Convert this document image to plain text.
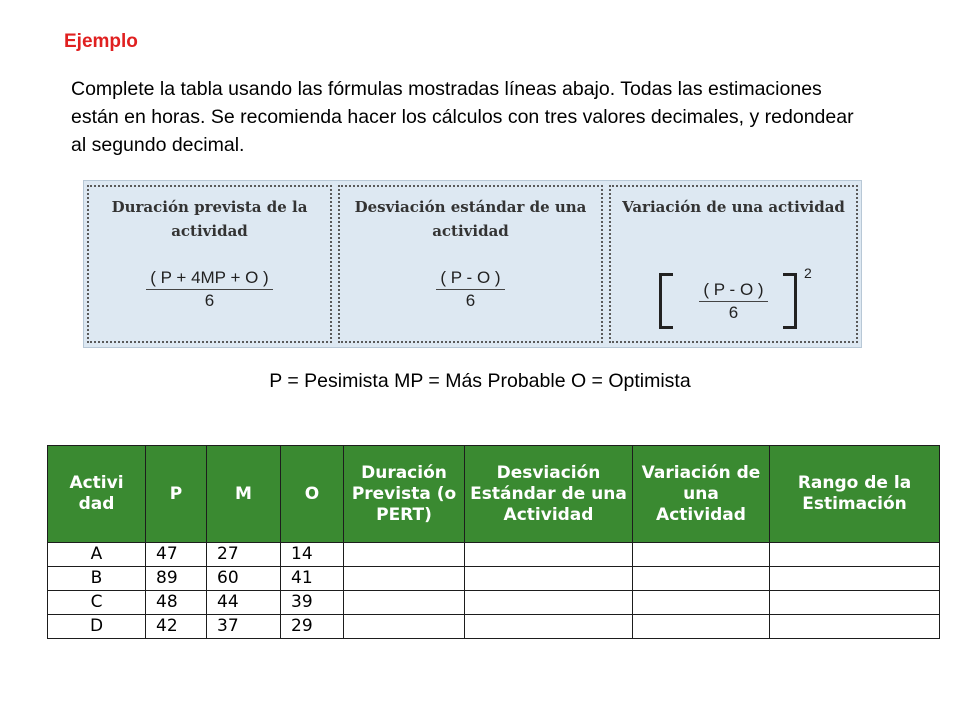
Ejemplo
Complete la tabla usando las fórmulas mostradas líneas abajo. Todas las estimaciones están en horas. Se recomienda hacer los cálculos con tres valores decimales, y redondear al segundo decimal.
Duración prevista de la actividad
$\frac{( P + 4MP + O )}{6}$
Desviación estándar de una actividad
$\frac{( P - O )}{6}$
Variación de una actividad
$\frac{( P - O )}{6}$
2
P = Pesimista MP = Más Probable O = Optimista
Activi dad	P	M	O	Duración Prevista (o PERT)	Desviación Estándar de una Actividad	Variación de una Actividad	Rango de la Estimación
A	47	27	14				
B	89	60	41				
C	48	44	39				
D	42	37	29				
